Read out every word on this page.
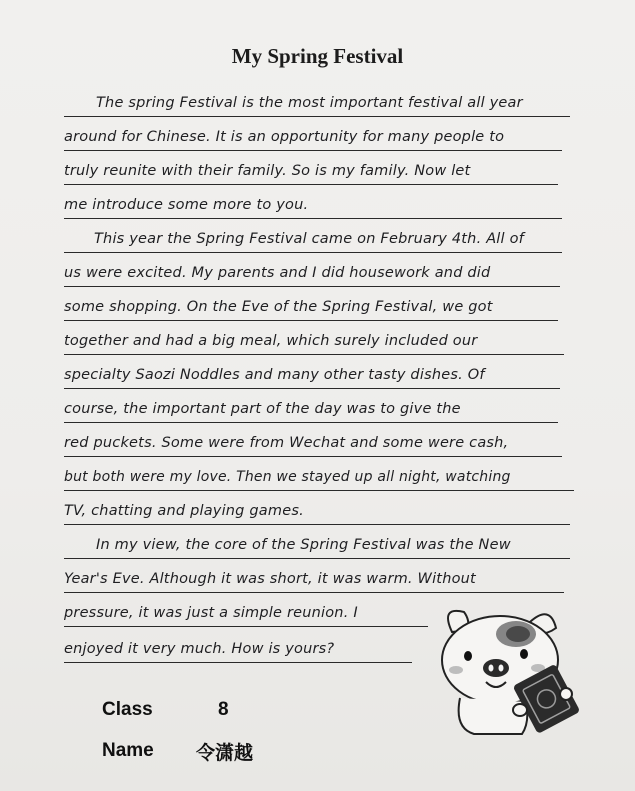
My Spring Festival
The spring Festival is the most important festival all year
around for Chinese. It is an opportunity for many people to
truly reunite with their family. So is my family. Now let
me introduce some more to you.
This year the Spring Festival came on February 4th. All of
us were excited. My parents and I did housework and did
some shopping. On the Eve of the Spring Festival, we got
together and had a big meal, which surely included our
specialty Saozi Noddles and many other tasty dishes. Of
course, the important part of the day was to give the
red puckets. Some were from Wechat and some were cash,
but both were my love. Then we stayed up all night, watching
TV, chatting and playing games.
In my view, the core of the Spring Festival was the New
Year's Eve. Although it was short, it was warm. Without
pressure, it was just a simple reunion. I
enjoyed it very much. How is yours?
Class	8
Name 令潇越
